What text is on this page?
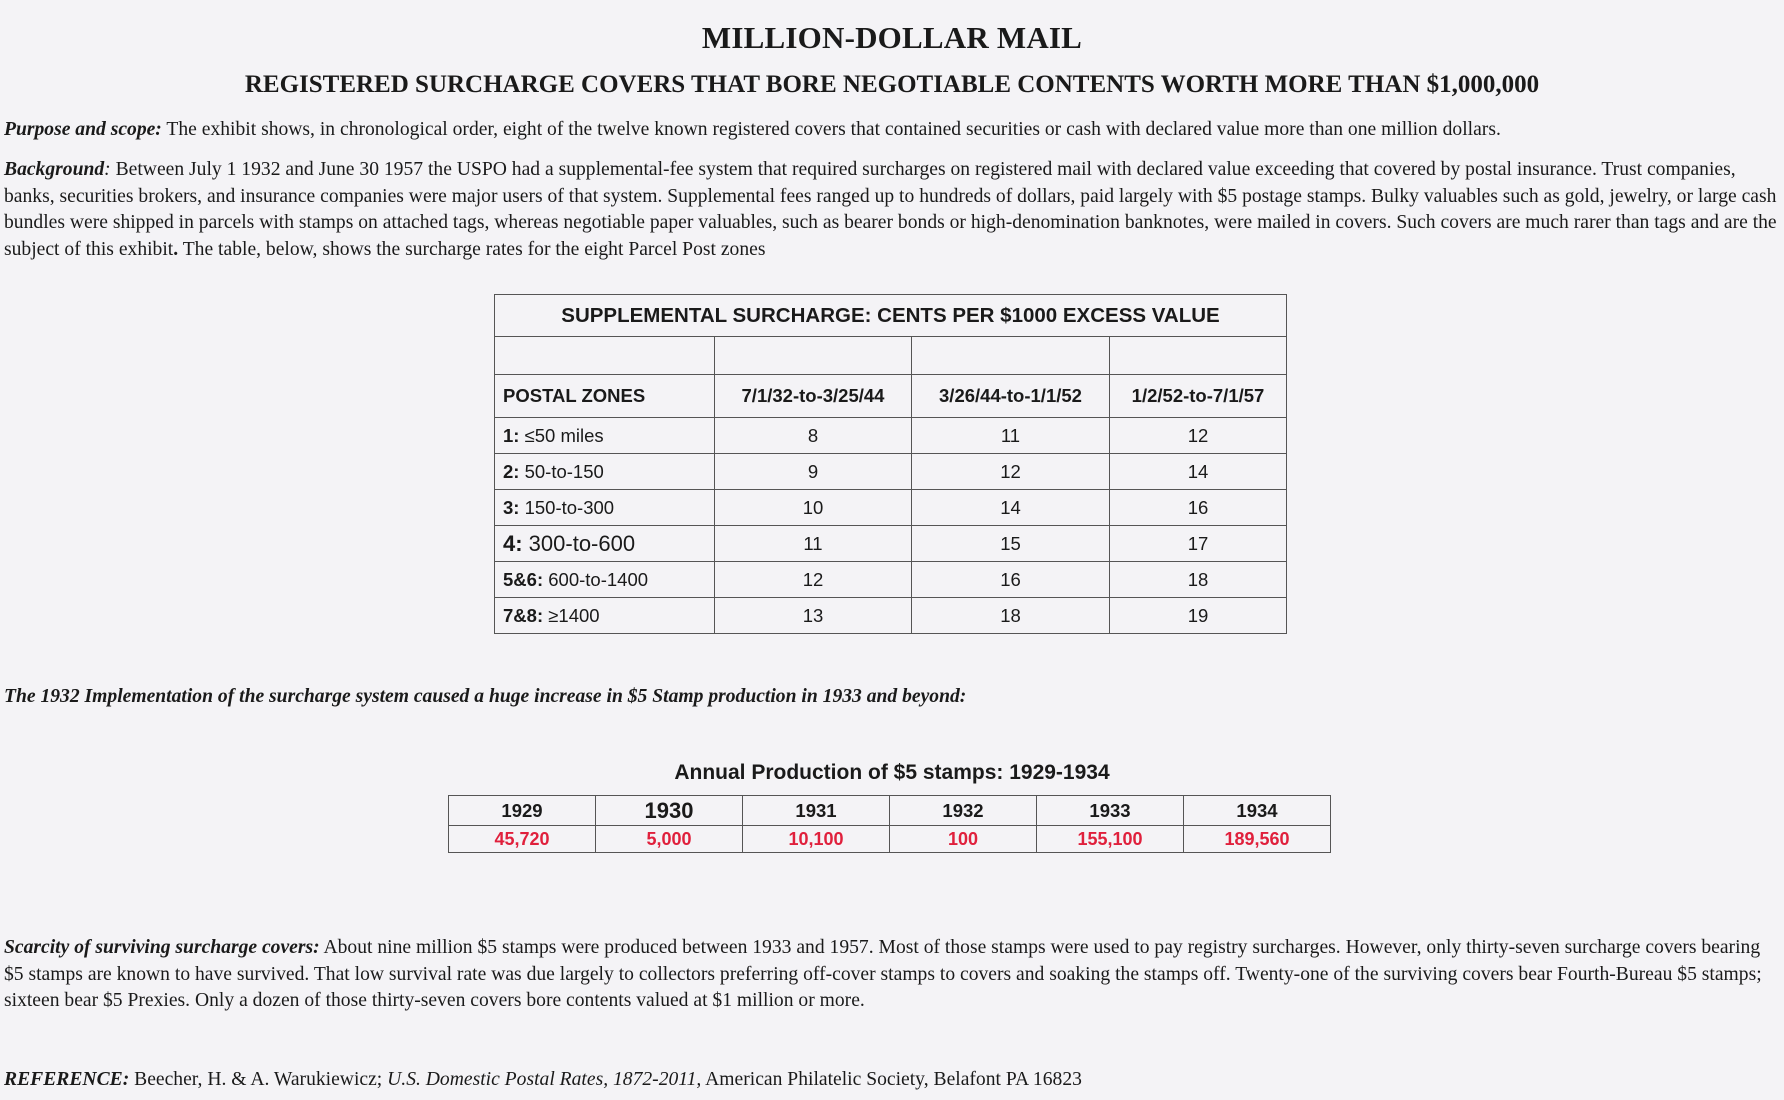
MILLION-DOLLAR MAIL
REGISTERED SURCHARGE COVERS THAT BORE NEGOTIABLE CONTENTS WORTH MORE THAN $1,000,000
Purpose and scope: The exhibit shows, in chronological order, eight of the twelve known registered covers that contained securities or cash with declared value more than one million dollars.
Background: Between July 1 1932 and June 30 1957 the USPO had a supplemental-fee system that required surcharges on registered mail with declared value exceeding that covered by postal insurance. Trust companies, banks, securities brokers, and insurance companies were major users of that system. Supplemental fees ranged up to hundreds of dollars, paid largely with $5 postage stamps. Bulky valuables such as gold, jewelry, or large cash bundles were shipped in parcels with stamps on attached tags, whereas negotiable paper valuables, such as bearer bonds or high-denomination banknotes, were mailed in covers. Such covers are much rarer than tags and are the subject of this exhibit. The table, below, shows the surcharge rates for the eight Parcel Post zones
SUPPLEMENTAL SURCHARGE: CENTS PER $1000 EXCESS VALUE			

POSTAL ZONES	7/1/32-to-3/25/44	3/26/44-to-1/1/52	1/2/52-to-7/1/57
1: ≤50 miles	8	11	12
2: 50-to-150	9	12	14
3: 150-to-300	10	14	16
4: 300-to-600	11	15	17
5&6: 600-to-1400	12	16	18
7&8: ≥1400	13	18	19
The 1932 Implementation of the surcharge system caused a huge increase in $5 Stamp production in 1933 and beyond:
Annual Production of $5 stamps: 1929-1934
1929	1930	1931	1932	1933	1934
45,720	5,000	10,100	100	155,100	189,560
Scarcity of surviving surcharge covers: About nine million $5 stamps were produced between 1933 and 1957. Most of those stamps were used to pay registry surcharges. However, only thirty-seven surcharge covers bearing $5 stamps are known to have survived. That low survival rate was due largely to collectors preferring off-cover stamps to covers and soaking the stamps off. Twenty-one of the surviving covers bear Fourth-Bureau $5 stamps; sixteen bear $5 Prexies. Only a dozen of those thirty-seven covers bore contents valued at $1 million or more.
REFERENCE: Beecher, H. & A. Warukiewicz; U.S. Domestic Postal Rates, 1872-2011, American Philatelic Society, Belafont PA 16823
